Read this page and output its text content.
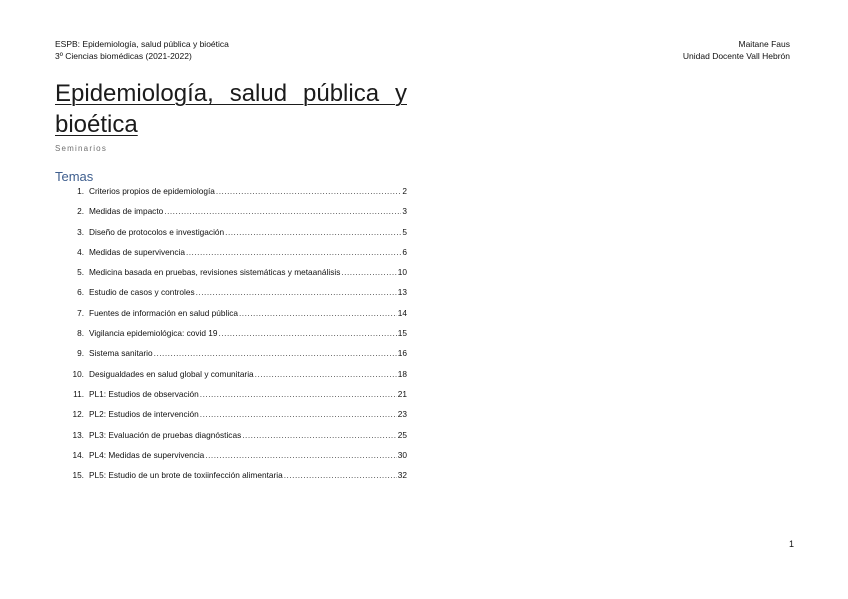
ESPB: Epidemiología, salud pública y bioética
3º Ciencias biomédicas (2021-2022)
Maitane Faus
Unidad Docente Vall Hebrón
Epidemiología, salud pública y bioética
Seminarios
Temas
1. Criterios propios de epidemiología .....	2
2. Medidas de impacto .....	3
3. Diseño de protocolos e investigación .....	5
4. Medidas de supervivencia .....	6
5. Medicina basada en pruebas, revisiones sistemáticas y metaanálisis .....	10
6. Estudio de casos y controles .....	13
7. Fuentes de información en salud pública .....	14
8. Vigilancia epidemiológica: covid 19 .....	15
9. Sistema sanitario .....	16
10. Desigualdades en salud global y comunitaria .....	18
11. PL1: Estudios de observación .....	21
12. PL2: Estudios de intervención .....	23
13. PL3: Evaluación de pruebas diagnósticas .....	25
14. PL4: Medidas de supervivencia .....	30
15. PL5: Estudio de un brote de toxiinfección alimentaria .....	32
1
